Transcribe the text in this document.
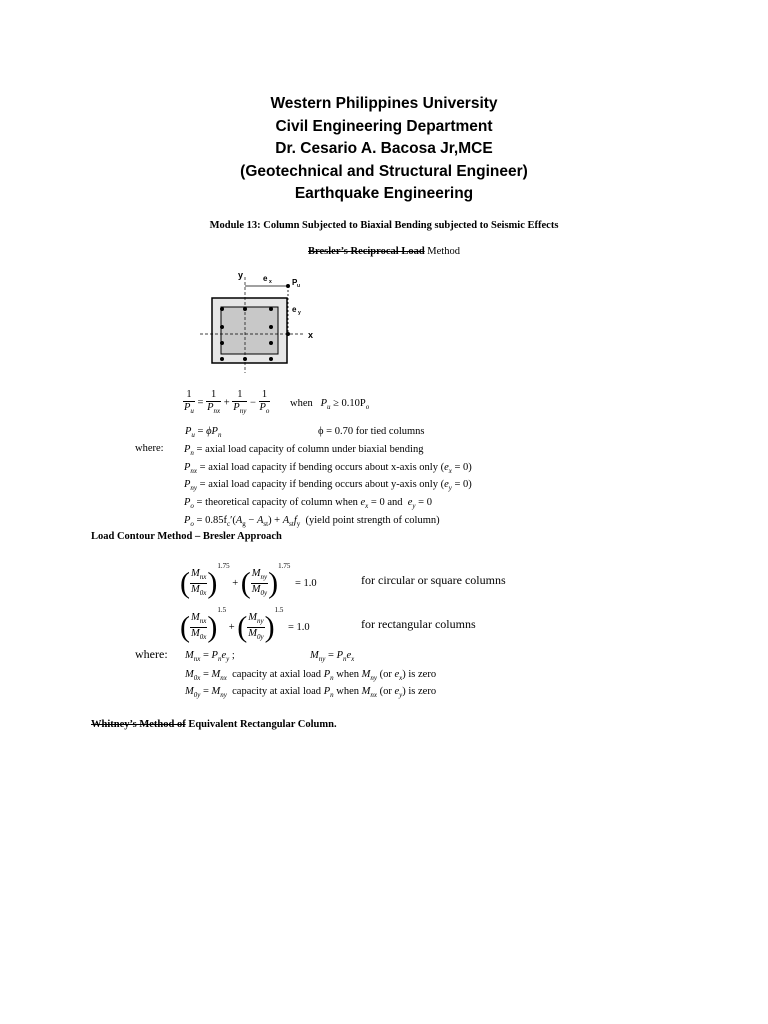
Western Philippines University
Civil Engineering Department
Dr. Cesario A. Bacosa Jr,MCE
(Geotechnical and Structural Engineer)
Earthquake Engineering
Module 13: Column Subjected to Biaxial Bending subjected to Seismic Effects
Bresler’s Reciprocal Load Method
y
x
e x
e y
P u
$\frac{1}{P_u}$ =
1
$P_{nx}$
+
1
$P_{ny}$
− $\frac{1}{P_o}$ when $P_u \ge 0.10P_o$
$P_u = \phi P_n$	ϕ = 0.70 for tied columns
where: $P_n$ = axial load capacity of column under biaxial bending
$P_{nx}$ = axial load capacity if bending occurs about x-axis only $(e_x = 0)$
$P_{ny}$ = axial load capacity if bending occurs about y-axis only $(e_y = 0)$
$P_o$ = theoretical capacity of column when $e_x = 0$ and  $e_y = 0$
$P_o = 0.85f_c'(A_g - A_{st}) + A_{st}f_y$ (yield point strength of column)
Load Contour Method – Bresler Approach
( $M_{nx}$
$M_{0x}$ )$^{1.75}$ + ( $M_{ny}$
$M_{0y}$ )$^{1.75}$ = 1.0	for circular or square columns
( $M_{nx}$
$M_{0x}$ )$^{1.5}$ + ( $M_{ny}$
$M_{0y}$ )$^{1.5}$ = 1.0	for rectangular columns
where: $M_{nx} = P_ne_y$ ;	$M_{ny} = P_ne_x$
$M_{0x} = M_{nx}$ capacity at axial load $P_n$ when $M_{ny}$ (or $e_x$) is zero
$M_{0y} = M_{ny}$ capacity at axial load $P_n$ when $M_{nx}$ (or $e_y$) is zero
Whitney’s Method of Equivalent Rectangular Column.
